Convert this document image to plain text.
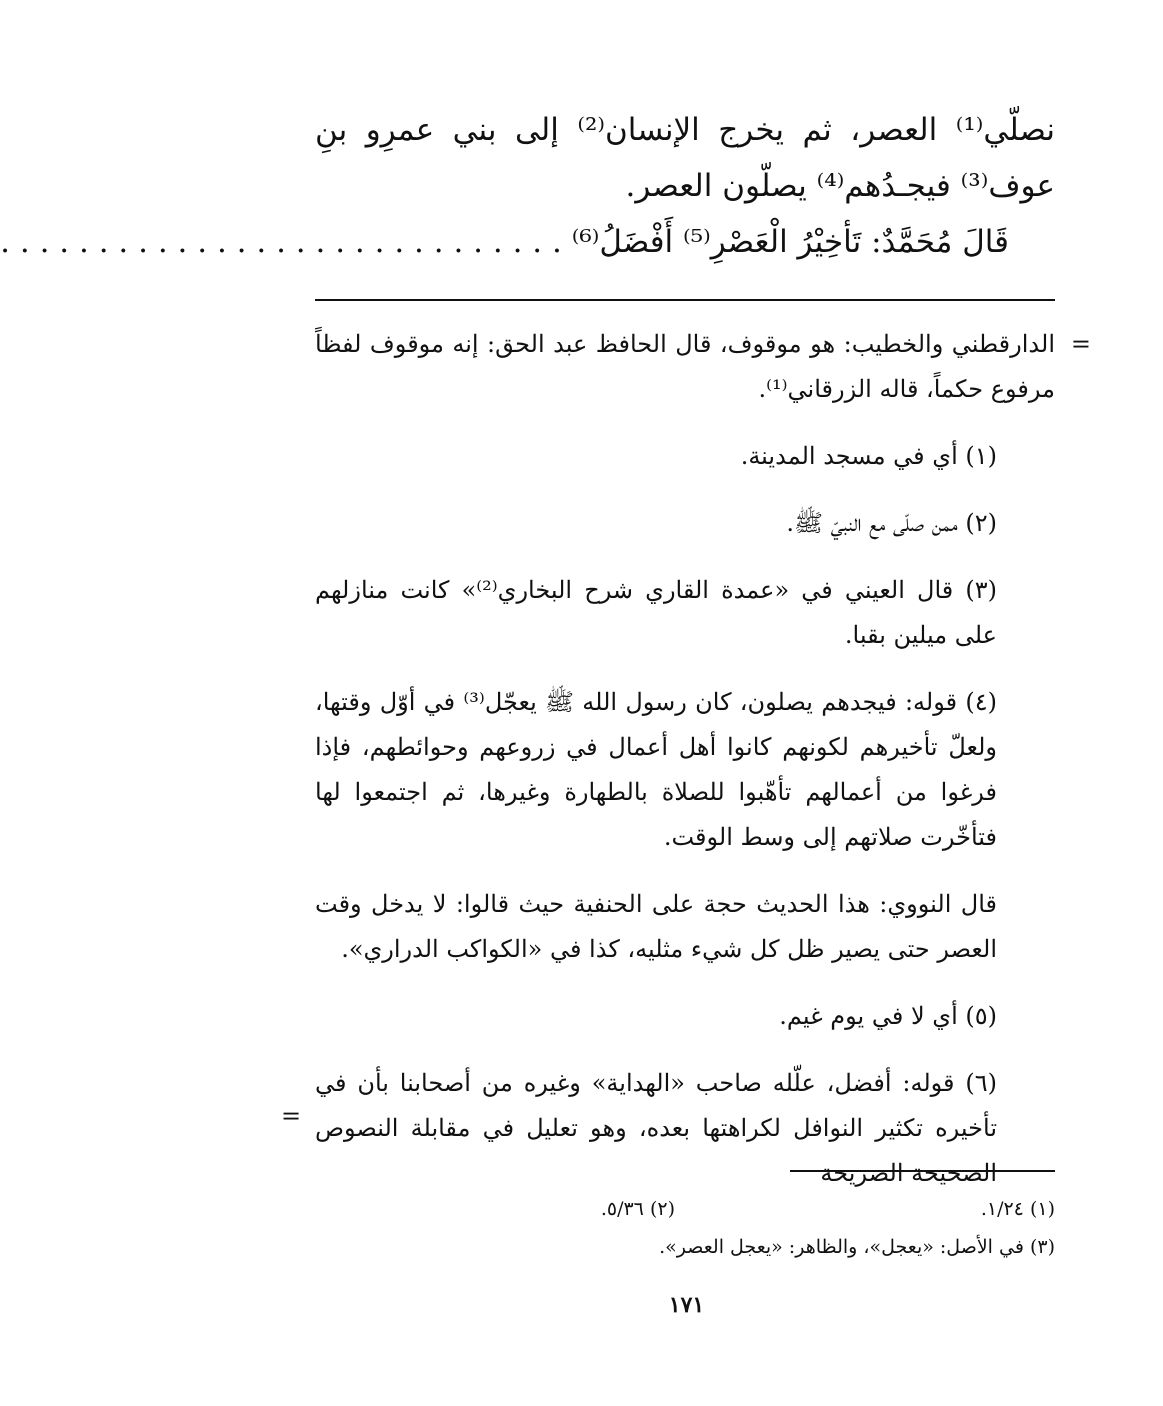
نصلّي⁽¹⁾ العصر، ثم يخرج الإنسان⁽²⁾ إلى بني عمرِو بنِ عوف⁽³⁾ فيجـدُهم⁽⁴⁾ يصلّون العصر.

قَالَ مُحَمَّدٌ: تَأخِيْرُ الْعَصْرِ⁽⁵⁾ أَفْضَلُ⁽⁶⁾ . . . . . . . . . . . . . . . . . . . . . . . . . . . . .

=

الدارقطني والخطيب: هو موقوف، قال الحافظ عبد الحق: إنه موقوف لفظاً مرفوع حكماً، قاله الزرقاني⁽¹⁾.

(١) أي في مسجد المدينة.

(٢) ممن صلّى مع النبيّ ﷺ.

(٣) قال العيني في «عمدة القاري شرح البخاري⁽²⁾» كانت منازلهم على ميلين بقبا.

(٤) قوله: فيجدهم يصلون، كان رسول الله ﷺ يعجّل⁽³⁾ في أوّل وقتها، ولعلّ تأخيرهم لكونهم كانوا أهل أعمال في زروعهم وحوائطهم، فإذا فرغوا من أعمالهم تأهّبوا للصلاة بالطهارة وغيرها، ثم اجتمعوا لها فتأخّرت صلاتهم إلى وسط الوقت.

قال النووي: هذا الحديث حجة على الحنفية حيث قالوا: لا يدخل وقت العصر حتى يصير ظل كل شيء مثليه، كذا في «الكواكب الدراري».

(٥) أي لا في يوم غيم.

(٦) قوله: أفضل، علّله صاحب «الهداية» وغيره من أصحابنا بأن في تأخيره تكثير النوافل لكراهتها بعده، وهو تعليل في مقابلة النصوص الصحيحة الصريحة

=
(١) ١/٢٤.
(٢) ٥/٣٦.
(٣) في الأصل: «يعجل»، والظاهر: «يعجل العصر».
١٧١
